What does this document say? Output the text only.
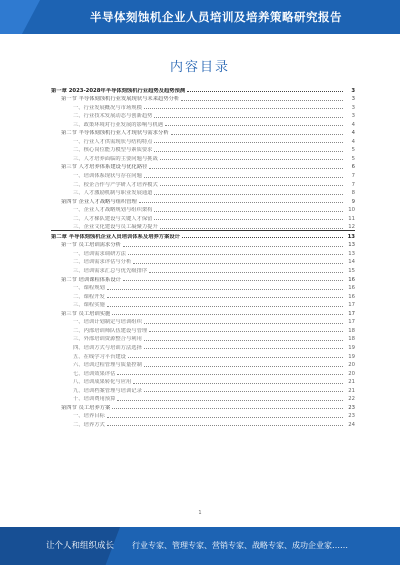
半导体刻蚀机企业人员培训及培养策略研究报告
内容目录
第一章 2023-2028年半导体刻蚀机行业趋势及趋势预测	3
第一节 半导体刻蚀机行业发展现状与未来趋势分析	3
一、行业发展概况与市场规模	3
二、行业技术发展动态与创新趋势	3
三、政策环境对行业发展的影响与机遇	4
第二节 半导体刻蚀机行业人才现状与需求分析	4
一、行业人才供需现状与结构特点	4
二、核心岗位能力模型与素质要求	5
三、人才培养面临的主要问题与挑战	5
第三节 人才培养体系建设与优化路径	6
一、培训体系现状与存在问题	7
二、校企合作与产学研人才培养模式	7
三、人才激励机制与职业发展通道	8
第四节 企业人才战略与组织管理	9
一、企业人才战略规划与组织架构	10
二、人才梯队建设与关键人才保留	11
三、企业文化建设与员工凝聚力提升	12
第二章 半导体刻蚀机企业人员培训体系及培养方案设计	13
第一节 员工培训需求分析	13
一、培训需求调研方法	13
二、培训需求评估与分析	14
三、培训需求汇总与优先级排序	15
第二节 培训课程体系设计	16
一、课程规划	16
二、课程开发	16
三、课程实施	17
第三节 员工培训实施	17
一、培训计划制定与培训组织	17
二、内部培训师队伍建设与管理	18
三、外部培训资源整合与利用	18
四、培训方式与培训方法选择	19
五、在线学习平台建设	19
六、培训过程管理与质量控制	20
七、培训效果评估	20
八、培训成果转化与应用	21
九、培训档案管理与培训记录	21
十、培训费用预算	22
第四节 员工培养方案	23
一、培养目标	23
二、培养方式	24
1
让个人和组织成长 行业专家、管理专家、营销专家、战略专家、成功企业家……
